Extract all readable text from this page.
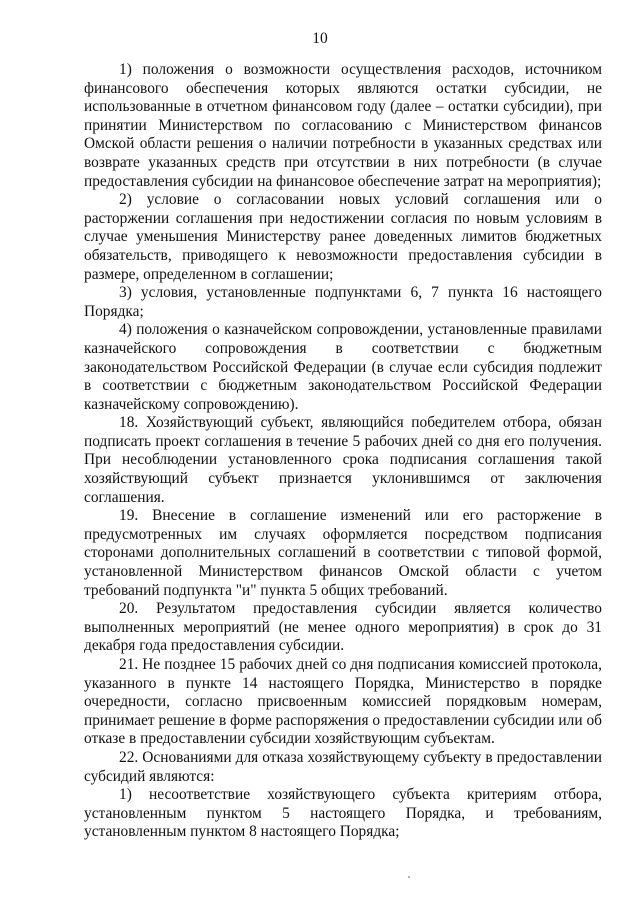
10

1) положения о возможности осуществления расходов, источником финансового обеспечения которых являются остатки субсидии, не использованные в отчетном финансовом году (далее – остатки субсидии), при принятии Министерством по согласованию с Министерством финансов Омской области решения о наличии потребности в указанных средствах или возврате указанных средств при отсутствии в них потребности (в случае предоставления субсидии на финансовое обеспечение затрат на мероприятия);

2) условие о согласовании новых условий соглашения или о расторжении соглашения при недостижении согласия по новым условиям в случае уменьшения Министерству ранее доведенных лимитов бюджетных обязательств, приводящего к невозможности предоставления субсидии в размере, определенном в соглашении;

3) условия, установленные подпунктами 6, 7 пункта 16 настоящего Порядка;

4) положения о казначейском сопровождении, установленные правилами казначейского сопровождения в соответствии с бюджетным законодательством Российской Федерации (в случае если субсидия подлежит в соответствии с бюджетным законодательством Российской Федерации казначейскому сопровождению).

18. Хозяйствующий субъект, являющийся победителем отбора, обязан подписать проект соглашения в течение 5 рабочих дней со дня его получения. При несоблюдении установленного срока подписания соглашения такой хозяйствующий субъект признается уклонившимся от заключения соглашения.

19. Внесение в соглашение изменений или его расторжение в предусмотренных им случаях оформляется посредством подписания сторонами дополнительных соглашений в соответствии с типовой формой, установленной Министерством финансов Омской области с учетом требований подпункта "и" пункта 5 общих требований.

20. Результатом предоставления субсидии является количество выполненных мероприятий (не менее одного мероприятия) в срок до 31 декабря года предоставления субсидии.

21. Не позднее 15 рабочих дней со дня подписания комиссией протокола, указанного в пункте 14 настоящего Порядка, Министерство в порядке очередности, согласно присвоенным комиссией порядковым номерам, принимает решение в форме распоряжения о предоставлении субсидии или об отказе в предоставлении субсидии хозяйствующим субъектам.

22. Основаниями для отказа хозяйствующему субъекту в предоставлении субсидий являются:

1) несоответствие хозяйствующего субъекта критериям отбора, установленным пунктом 5 настоящего Порядка, и требованиям, установленным пунктом 8 настоящего Порядка;
